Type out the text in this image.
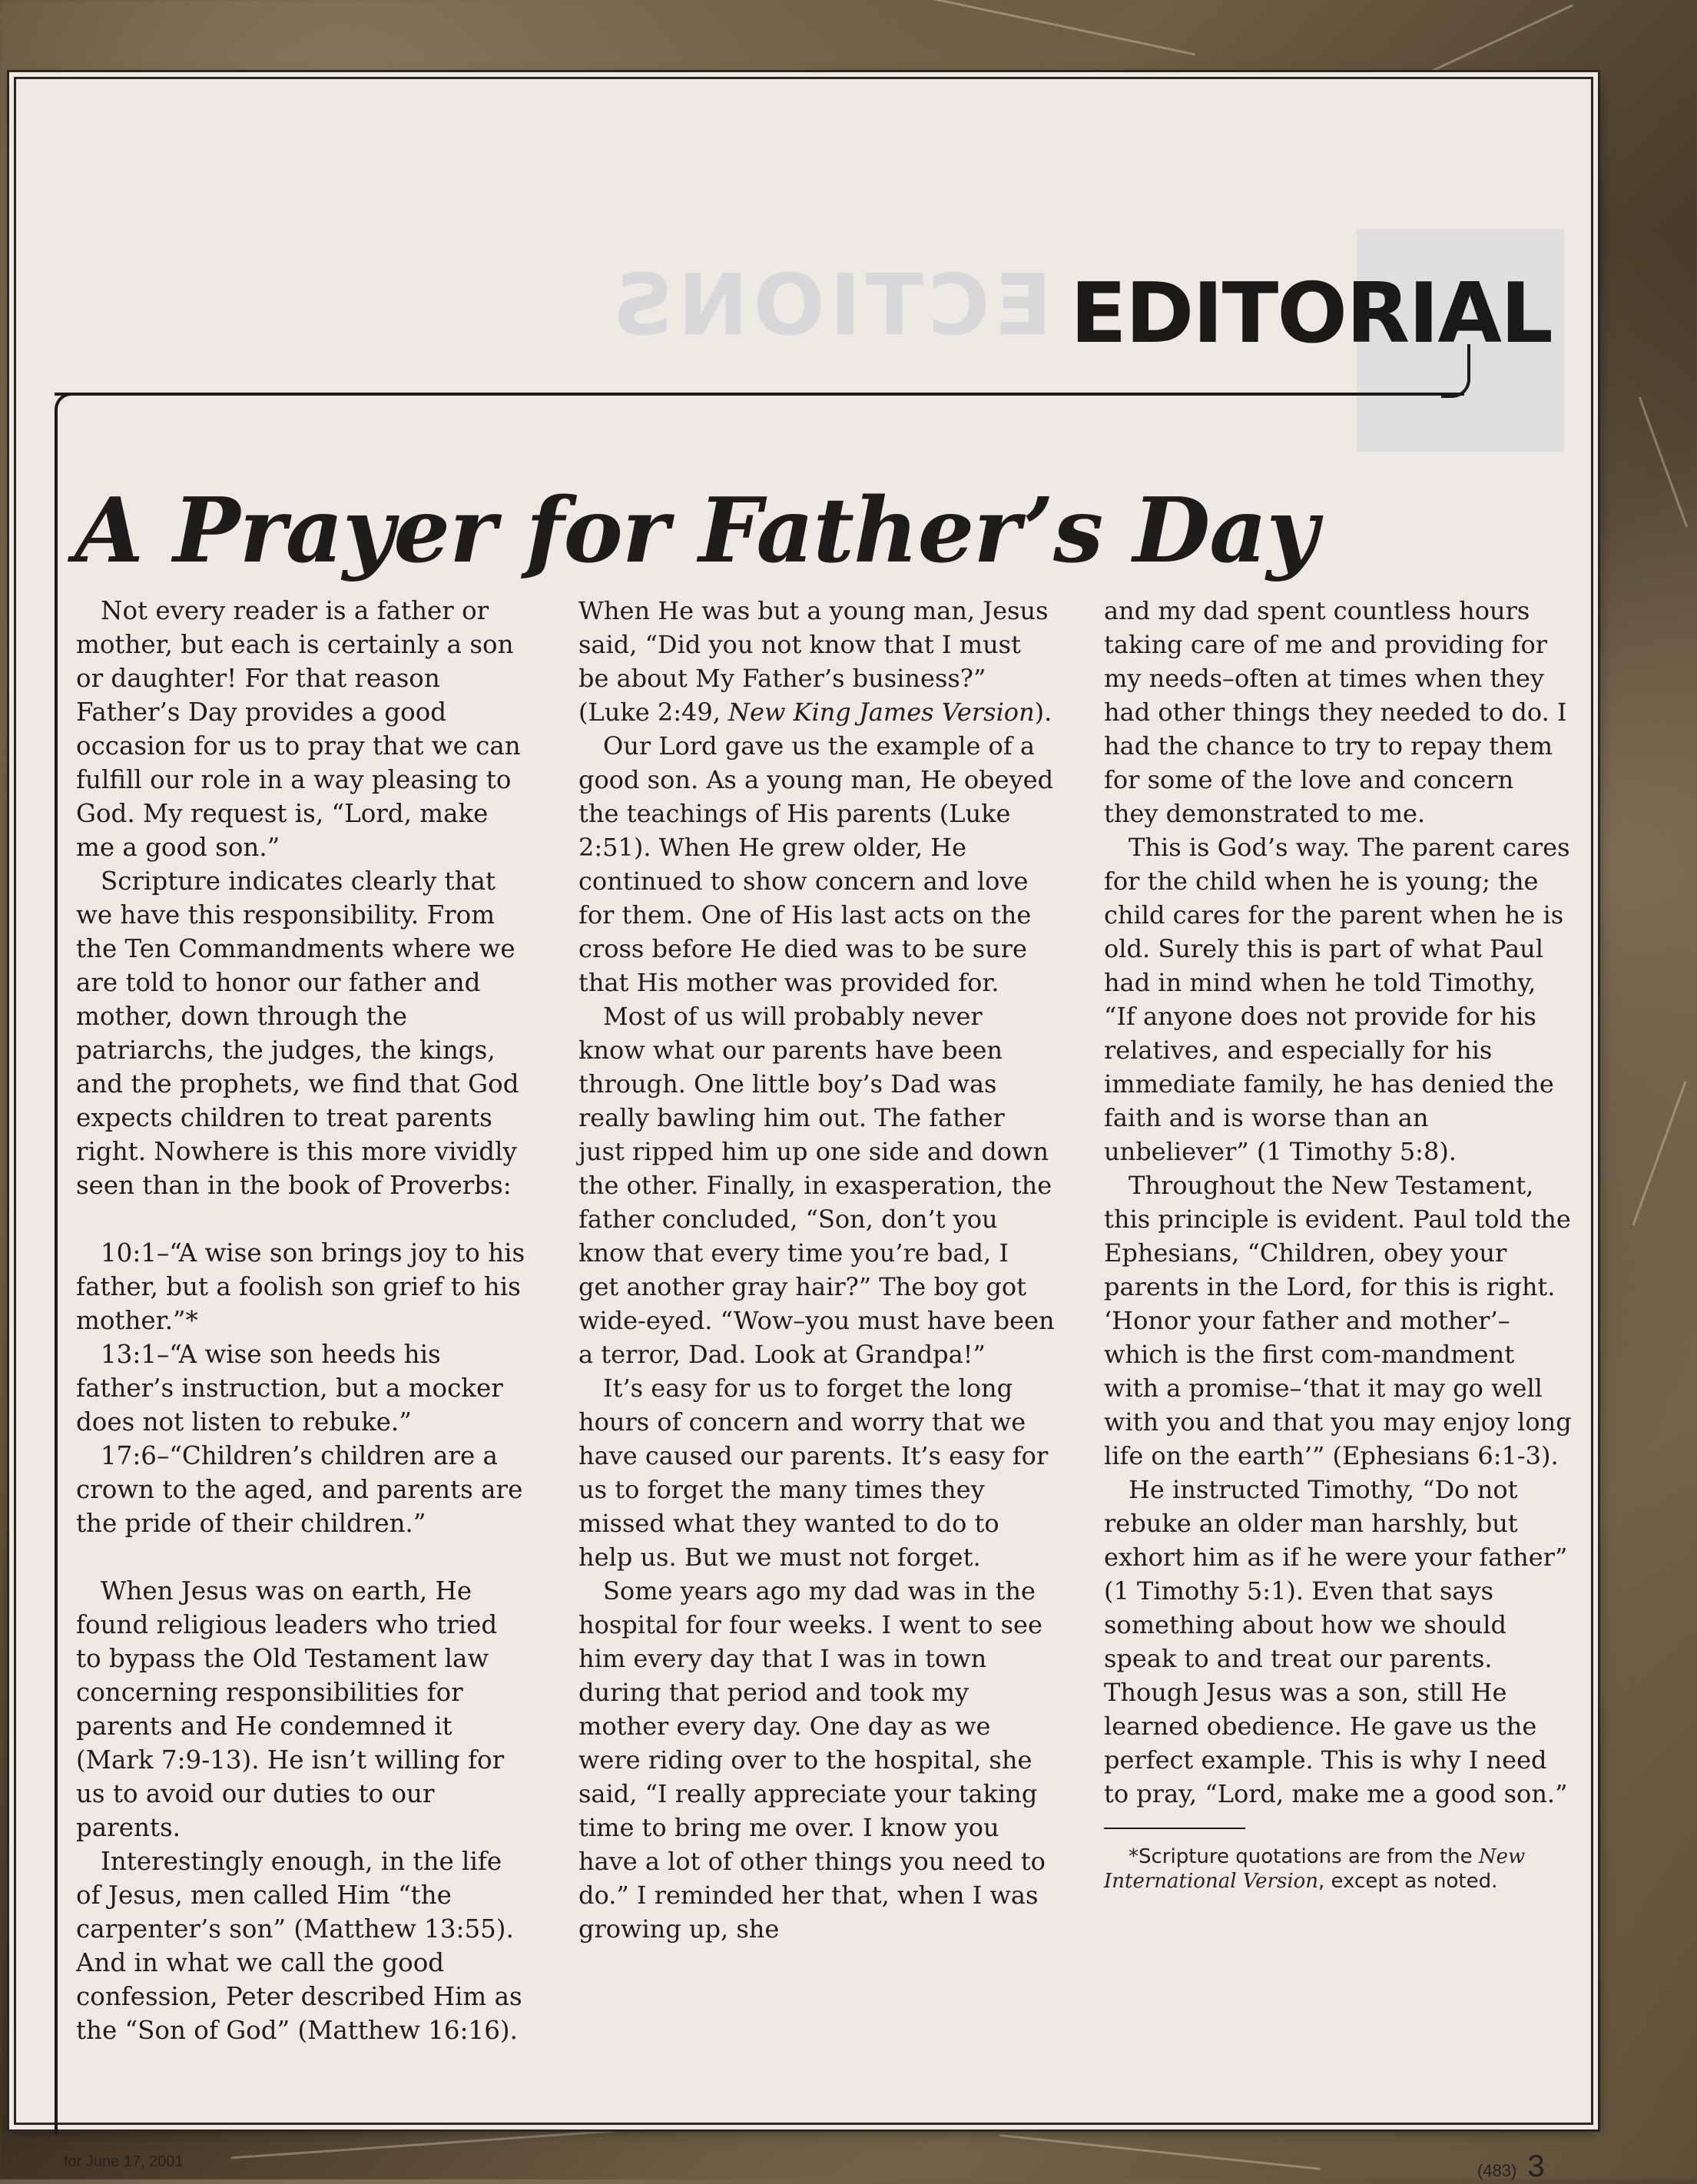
ECTIONS EDITORIAL
A Prayer for Father’s Day

Not every reader is a father or mother, but each is certainly a son or daughter! For that reason Father’s Day provides a good occasion for us to pray that we can fulfill our role in a way pleasing to God. My request is, “Lord, make me a good son.”

Scripture indicates clearly that we have this responsibility. From the Ten Commandments where we are told to honor our father and mother, down through the patriarchs, the judges, the kings, and the prophets, we find that God expects children to treat parents right. Nowhere is this more vividly seen than in the book of Proverbs:

10:1–“A wise son brings joy to his father, but a foolish son grief to his mother.”*

13:1–“A wise son heeds his father’s instruction, but a mocker does not listen to rebuke.”

17:6–“Children’s children are a crown to the aged, and parents are the pride of their children.”

When Jesus was on earth, He found religious leaders who tried to bypass the Old Testament law concerning responsibilities for parents and He condemned it (Mark 7:9-13). He isn’t willing for us to avoid our duties to our parents.

Interestingly enough, in the life of Jesus, men called Him “the carpenter’s son” (Matthew 13:55). And in what we call the good confession, Peter described Him as the “Son of God” (Matthew 16:16).

When He was but a young man, Jesus said, “Did you not know that I must be about My Father’s business?” (Luke 2:49, New King James Version).

Our Lord gave us the example of a good son. As a young man, He obeyed the teachings of His parents (Luke 2:51). When He grew older, He continued to show concern and love for them. One of His last acts on the cross before He died was to be sure that His mother was provided for.

Most of us will probably never know what our parents have been through. One little boy’s Dad was really bawling him out. The father just ripped him up one side and down the other. Finally, in exasperation, the father concluded, “Son, don’t you know that every time you’re bad, I get another gray hair?” The boy got wide-eyed. “Wow–you must have been a terror, Dad. Look at Grandpa!”

It’s easy for us to forget the long hours of concern and worry that we have caused our parents. It’s easy for us to forget the many times they missed what they wanted to do to help us. But we must not forget.

Some years ago my dad was in the hospital for four weeks. I went to see him every day that I was in town during that period and took my mother every day. One day as we were riding over to the hospital, she said, “I really appreciate your taking time to bring me over. I know you have a lot of other things you need to do.” I reminded her that, when I was growing up, she

and my dad spent countless hours taking care of me and providing for my needs–often at times when they had other things they needed to do. I had the chance to try to repay them for some of the love and concern they demonstrated to me.

This is God’s way. The parent cares for the child when he is young; the child cares for the parent when he is old. Surely this is part of what Paul had in mind when he told Timothy, “If anyone does not provide for his relatives, and especially for his immediate family, he has denied the faith and is worse than an unbeliever” (1 Timothy 5:8).

Throughout the New Testament, this principle is evident. Paul told the Ephesians, “Children, obey your parents in the Lord, for this is right. ‘Honor your father and mother’–which is the first com-mandment with a promise–‘that it may go well with you and that you may enjoy long life on the earth’” (Ephesians 6:1-3).

He instructed Timothy, “Do not rebuke an older man harshly, but exhort him as if he were your father” (1 Timothy 5:1). Even that says something about how we should speak to and treat our parents. Though Jesus was a son, still He learned obedience. He gave us the perfect example. This is why I need to pray, “Lord, make me a good son.”

*Scripture quotations are from the New International Version, except as noted.

for June 17, 2001	(483) 3
